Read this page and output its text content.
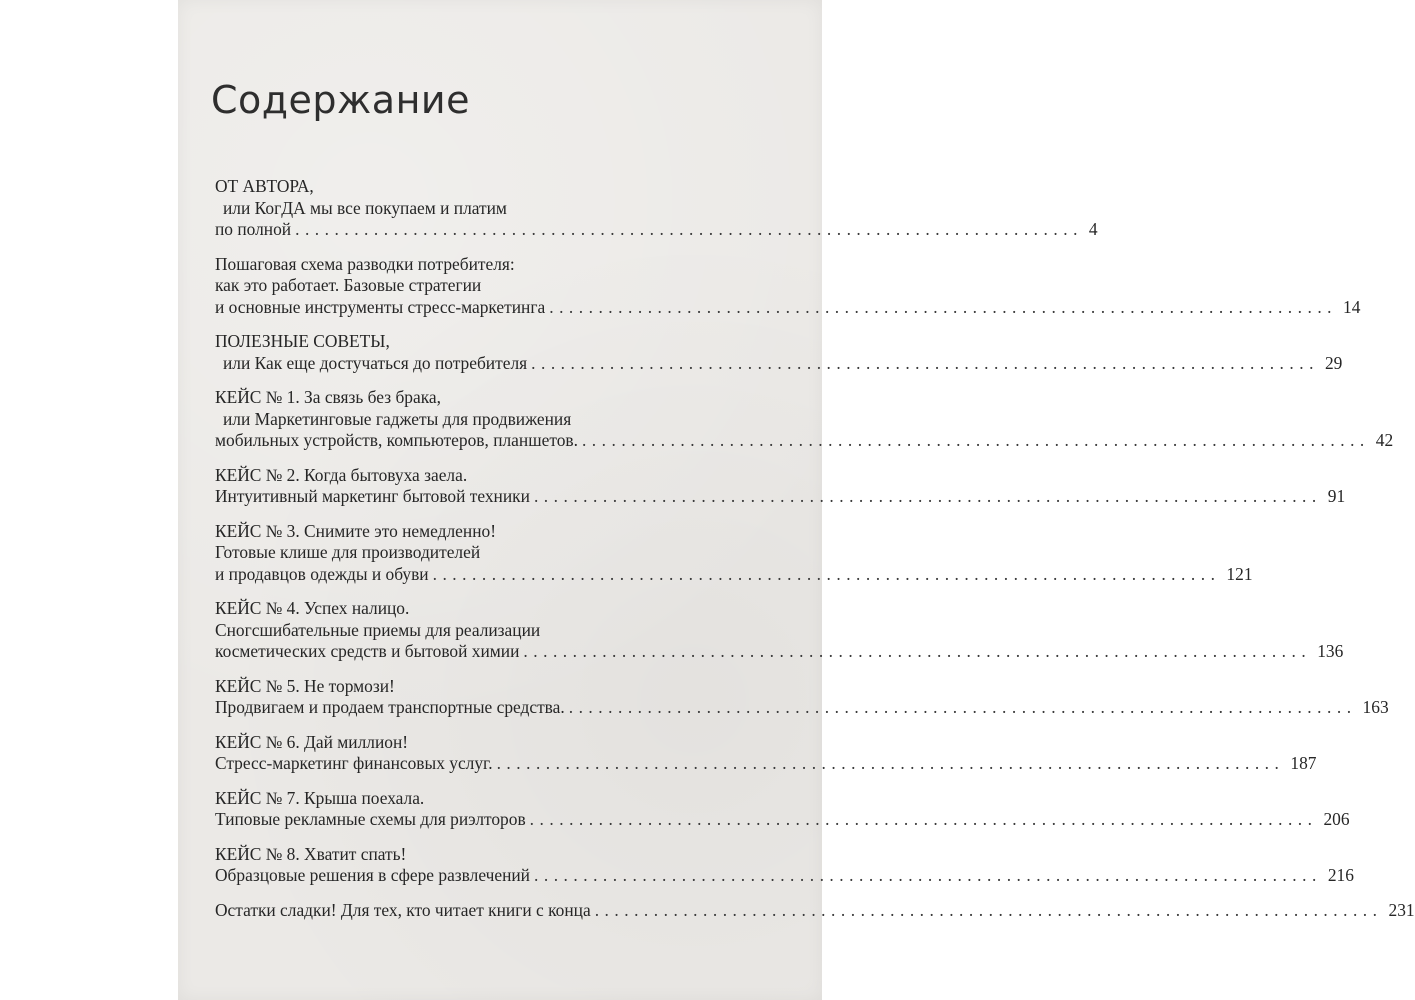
Содержание
ОТ АВТОРА,
или КогДА мы все покупаем и платим
по полной ................................................................................ 4
Пошаговая схема разводки потребителя:
как это работает. Базовые стратегии
и основные инструменты стресс-маркетинга ................................................................................ 14
ПОЛЕЗНЫЕ СОВЕТЫ,
или Как еще достучаться до потребителя ................................................................................ 29
КЕЙС № 1. За связь без брака,
или Маркетинговые гаджеты для продвижения
мобильных устройств, компьютеров, планшетов. ................................................................................ 42
КЕЙС № 2. Когда бытовуха заела.
Интуитивный маркетинг бытовой техники ................................................................................ 91
КЕЙС № 3. Снимите это немедленно!
Готовые клише для производителей
и продавцов одежды и обуви ................................................................................ 121
КЕЙС № 4. Успех налицо.
Сногсшибательные приемы для реализации
косметических средств и бытовой химии ................................................................................ 136
КЕЙС № 5. Не тормози!
Продвигаем и продаем транспортные средства. ................................................................................ 163
КЕЙС № 6. Дай миллион!
Стресс-маркетинг финансовых услуг. ................................................................................ 187
КЕЙС № 7. Крыша поехала.
Типовые рекламные схемы для риэлторов ................................................................................ 206
КЕЙС № 8. Хватит спать!
Образцовые решения в сфере развлечений ................................................................................ 216
Остатки сладки! Для тех, кто читает книги с конца ................................................................................ 231
